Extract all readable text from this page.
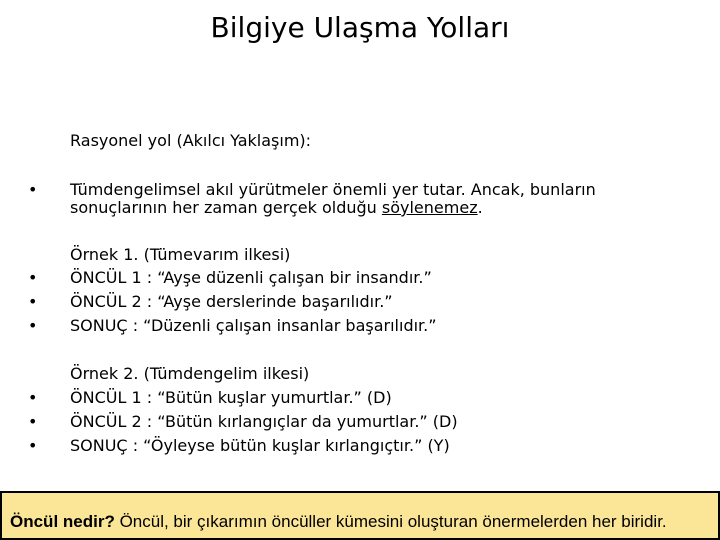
Bilgiye Ulaşma Yolları
Rasyonel yol (Akılcı Yaklaşım):
• Tümdengelimsel akıl yürütmeler önemli yer tutar. Ancak, bunların
sonuçlarının her zaman gerçek olduğu söylenemez.
Örnek 1. (Tümevarım ilkesi)
• ÖNCÜL 1 : “Ayşe düzenli çalışan bir insandır.”
• ÖNCÜL 2 : “Ayşe derslerinde başarılıdır.”
• SONUÇ : “Düzenli çalışan insanlar başarılıdır.”
Örnek 2. (Tümdengelim ilkesi)
• ÖNCÜL 1 : “Bütün kuşlar yumurtlar.” (D)
• ÖNCÜL 2 : “Bütün kırlangıçlar da yumurtlar.” (D)
• SONUÇ : “Öyleyse bütün kuşlar kırlangıçtır.” (Y)
Öncül nedir? Öncül, bir çıkarımın öncüller kümesini oluşturan önermelerden her biridir.
